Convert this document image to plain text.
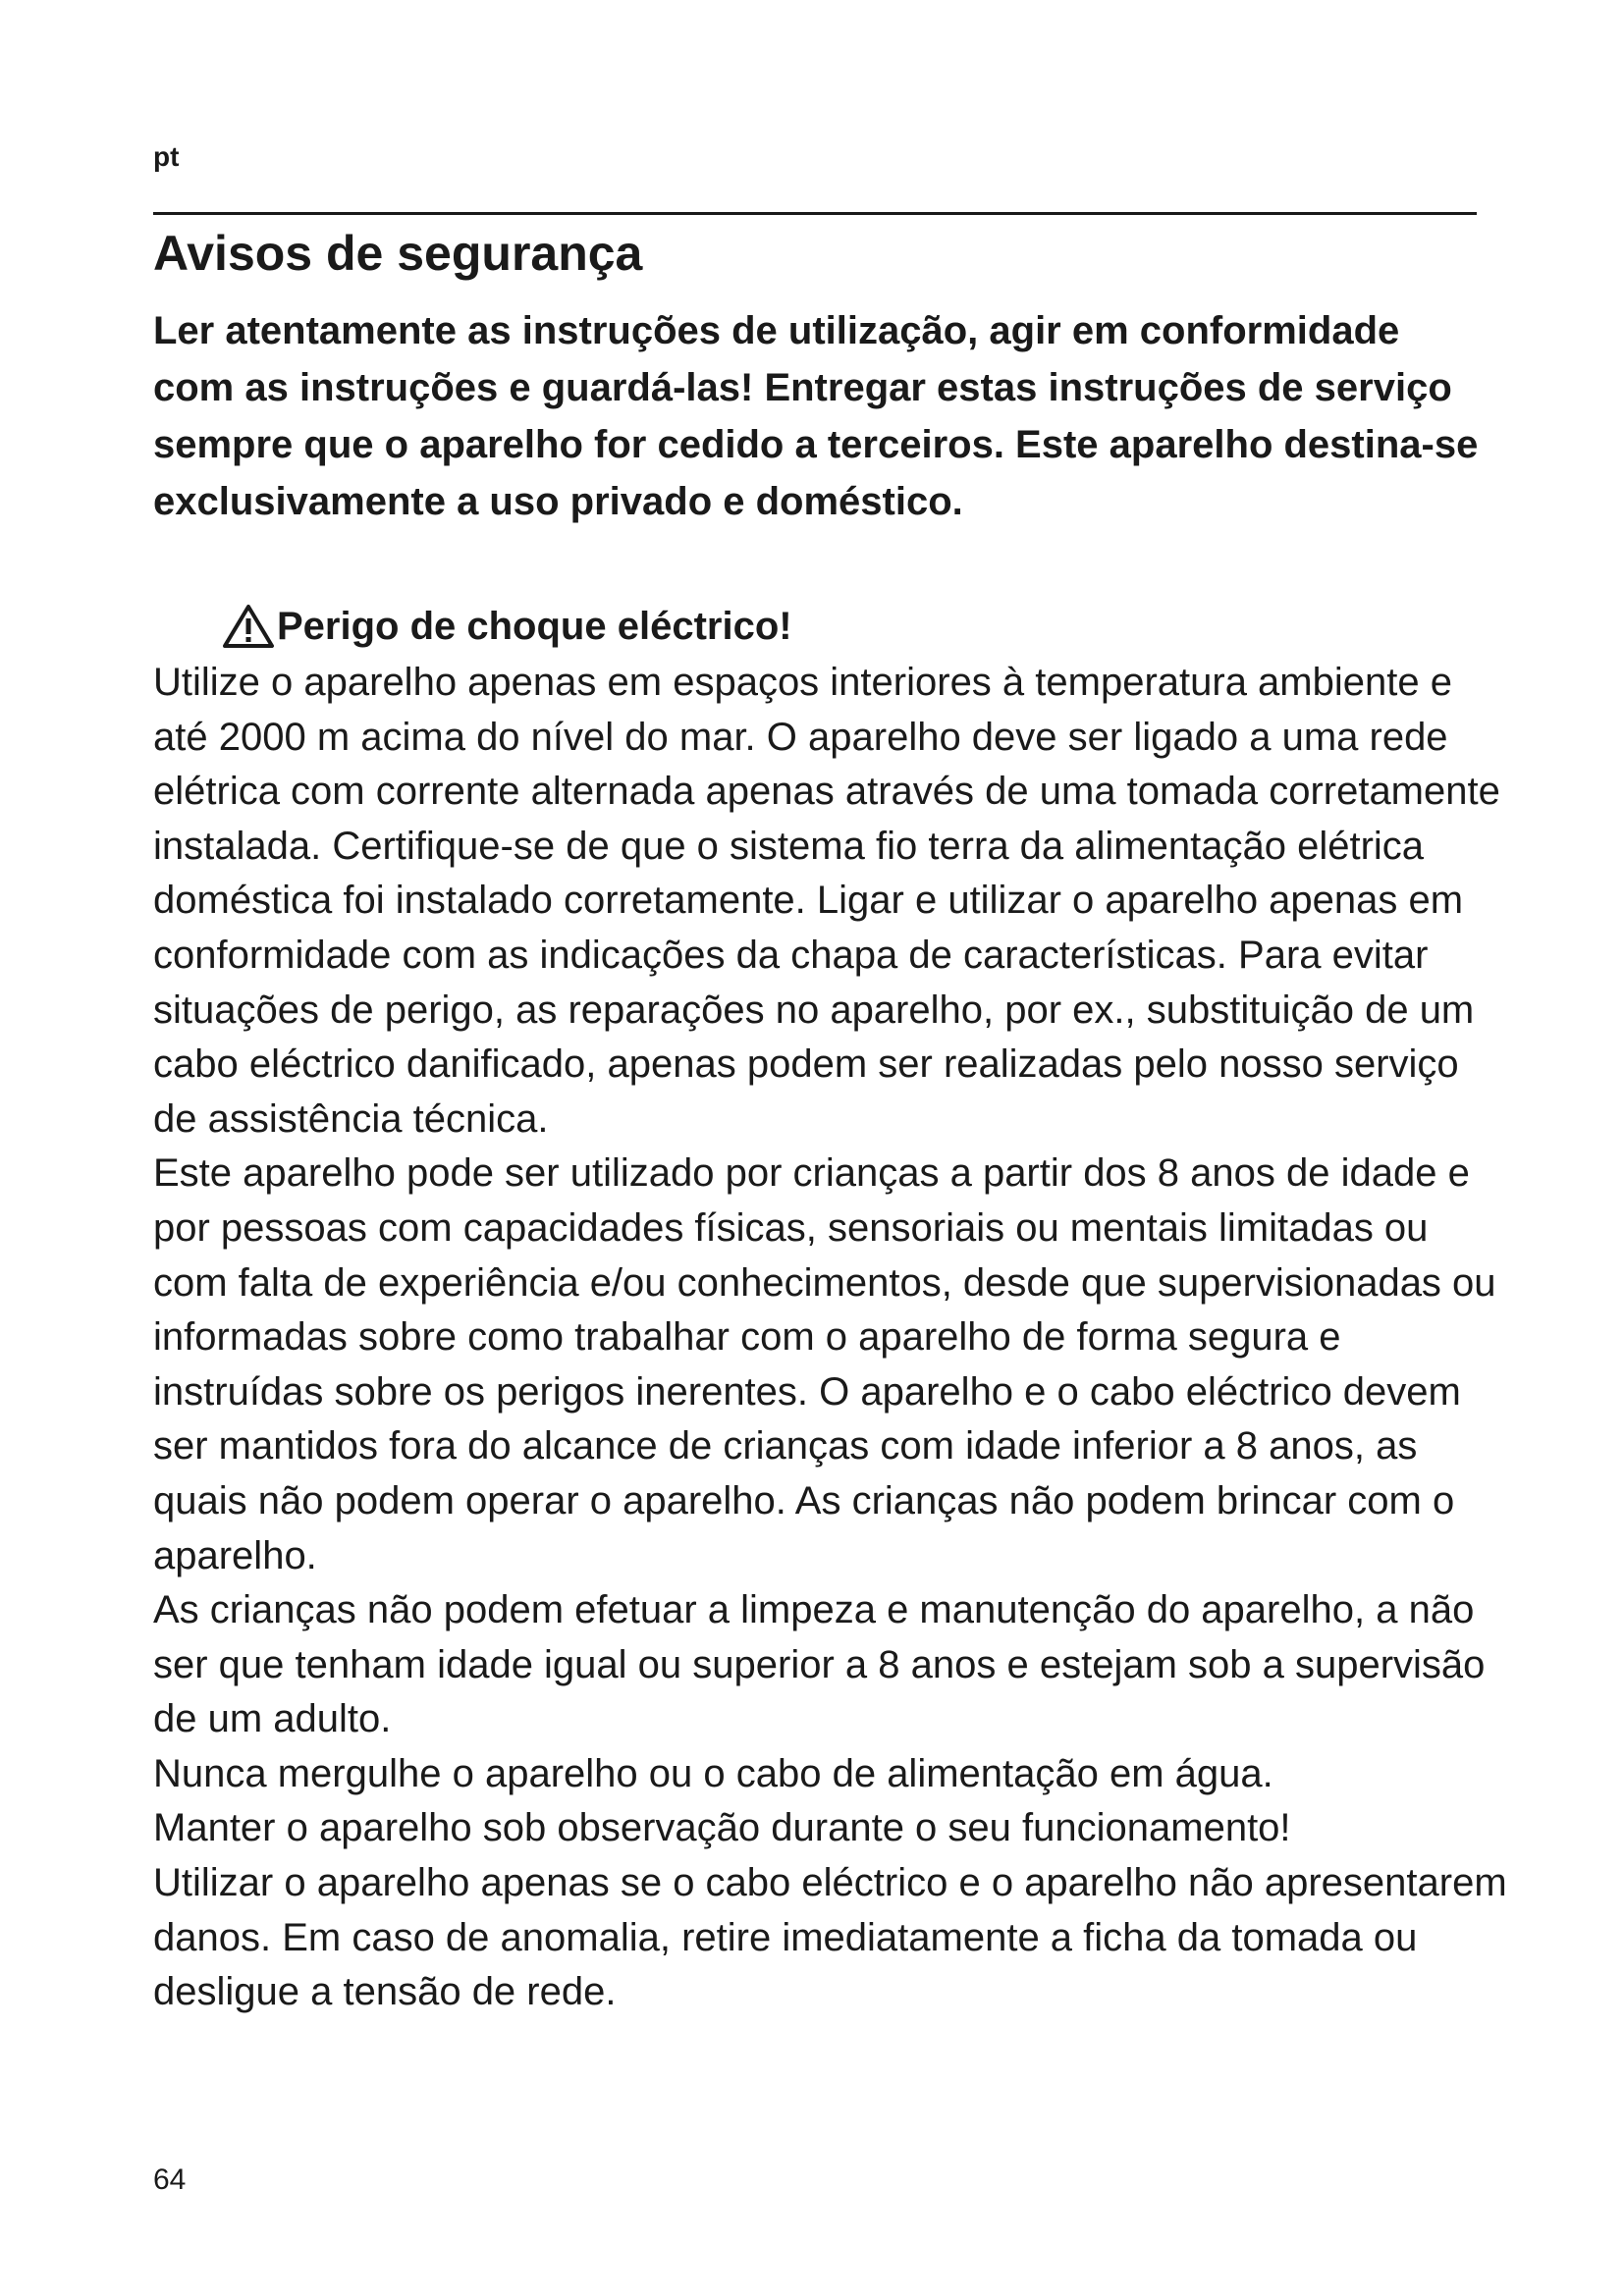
pt
Avisos de segurança

Ler atentamente as instruções de utilização, agir em conformidade com as instruções e guardá-las! Entregar estas instruções de serviço sempre que o aparelho for cedido a terceiros. Este aparelho destina-se exclusivamente a uso privado e doméstico.

Perigo de choque eléctrico!

Utilize o aparelho apenas em espaços interiores à temperatura ambiente e até 2000 m acima do nível do mar. O aparelho deve ser ligado a uma rede elétrica com corrente alternada apenas através de uma tomada corretamente instalada. Certifique-se de que o sistema fio terra da alimentação elétrica doméstica foi instalado corretamente. Ligar e utilizar o aparelho apenas em conformidade com as indicações da chapa de características. Para evitar situações de perigo, as reparações no aparelho, por ex., substituição de um cabo eléctrico danificado, apenas podem ser realizadas pelo nosso serviço de assistência técnica.

Este aparelho pode ser utilizado por crianças a partir dos 8 anos de idade e por pessoas com capacidades físicas, sensoriais ou mentais limitadas ou com falta de experiência e/ou conhecimentos, desde que supervisionadas ou informadas sobre como trabalhar com o aparelho de forma segura e instruídas sobre os perigos inerentes. O aparelho e o cabo eléctrico devem ser mantidos fora do alcance de crianças com idade inferior a 8 anos, as quais não podem operar o aparelho. As crianças não podem brincar com o aparelho.

As crianças não podem efetuar a limpeza e manutenção do aparelho, a não ser que tenham idade igual ou superior a 8 anos e estejam sob a supervisão de um adulto.

Nunca mergulhe o aparelho ou o cabo de alimentação em água.

Manter o aparelho sob observação durante o seu funcionamento!

Utilizar o aparelho apenas se o cabo eléctrico e o aparelho não apresentarem danos. Em caso de anomalia, retire imediatamente a ficha da tomada ou desligue a tensão de rede.

64
